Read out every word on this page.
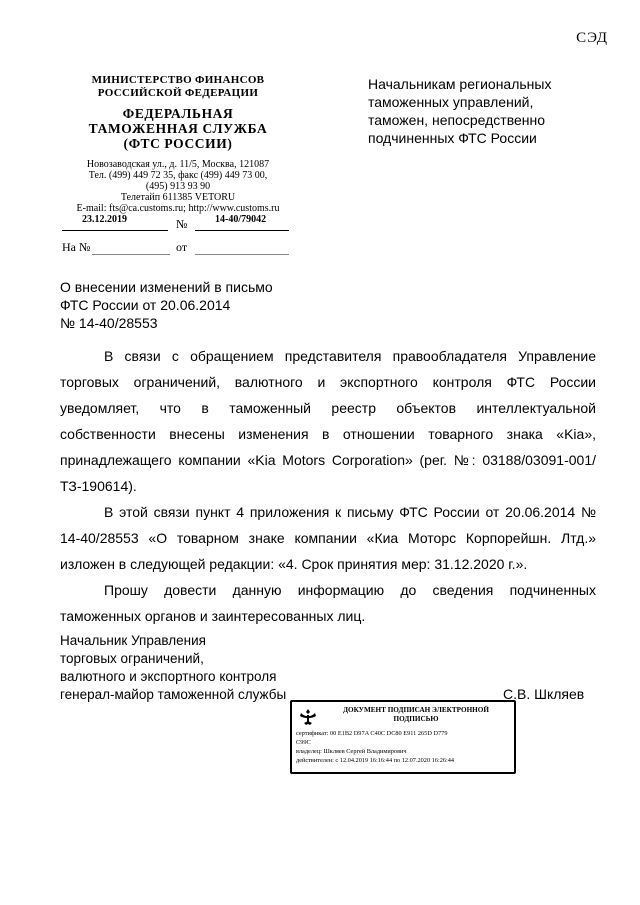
СЭД
МИНИСТЕРСТВО ФИНАНСОВ
РОССИЙСКОЙ ФЕДЕРАЦИИ
ФЕДЕРАЛЬНАЯ
ТАМОЖЕННАЯ СЛУЖБА
(ФТС РОССИИ)
Новозаводская ул., д. 11/5, Москва, 121087
Тел. (499) 449 72 35, факс (499) 449 73 00,
(495) 913 93 90
Телетайп 611385 VETORU
E-mail: fts@ca.customs.ru; http://www.customs.ru
23.12.2019	№	14-40/79042
На №	от
Начальникам региональных
таможенных управлений,
таможен, непосредственно
подчиненных ФТС России
О внесении изменений в письмо
ФТС России от 20.06.2014
№ 14-40/28553

В связи с обращением представителя правообладателя Управление торговых ограничений, валютного и экспортного контроля ФТС России уведомляет, что в таможенный реестр объектов интеллектуальной собственности внесены изменения в отношении товарного знака «Kia», принадлежащего компании «Kia Motors Corporation» (рег. №: 03188/03091-001/ТЗ-190614).

В этой связи пункт 4 приложения к письму ФТС России от 20.06.2014 № 14-40/28553 «О товарном знаке компании «Киа Моторс Корпорейшн. Лтд.» изложен в следующей редакции: «4. Срок принятия мер: 31.12.2020 г.».

Прошу довести данную информацию до сведения подчиненных таможенных органов и заинтересованных лиц.

Начальник Управления
торговых ограничений,
валютного и экспортного контроля
генерал-майор таможенной службы	С.В. Шкляев
ДОКУМЕНТ ПОДПИСАН ЭЛЕКТРОННОЙ
ПОДПИСЬЮ
сертификат: 00 E1B2 D97A C40C DC80 E911 265D D779
C99C
владелец: Шкляев Сергей Владимирович
действителен: с 12.04.2019 16:16:44 по 12.07.2020 16:26:44
